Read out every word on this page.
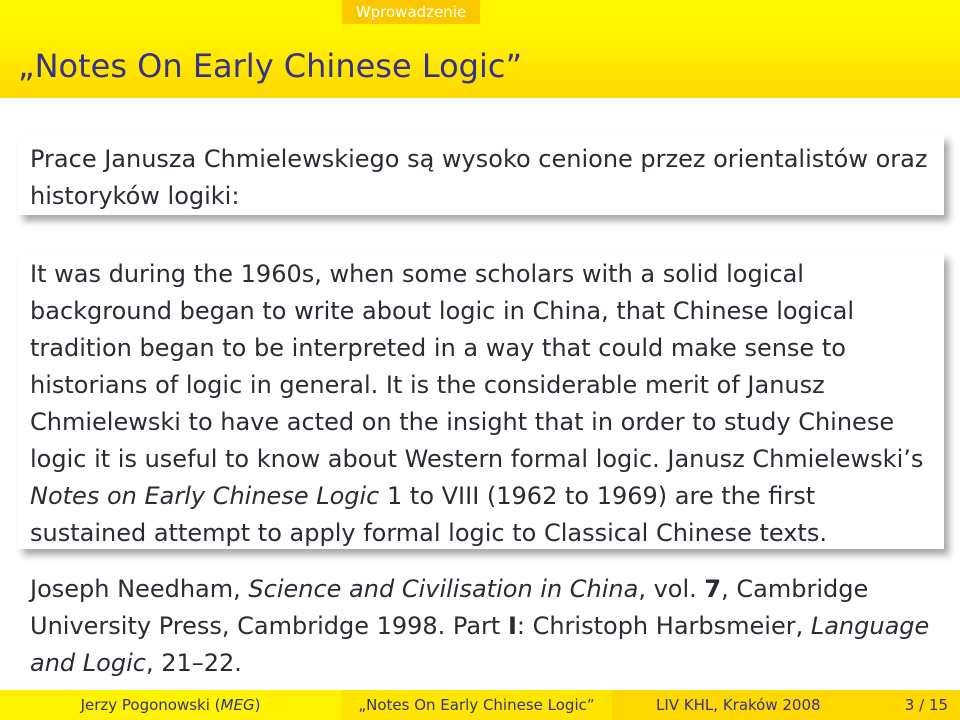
Wprowadzenie
„Notes On Early Chinese Logic”
Prace Janusza Chmielewskiego są wysoko cenione przez orientalistów oraz
historyków logiki:
It was during the 1960s, when some scholars with a solid logical
background began to write about logic in China, that Chinese logical
tradition began to be interpreted in a way that could make sense to
historians of logic in general. It is the considerable merit of Janusz
Chmielewski to have acted on the insight that in order to study Chinese
logic it is useful to know about Western formal logic. Janusz Chmielewski’s
Notes on Early Chinese Logic 1 to VIII (1962 to 1969) are the first
sustained attempt to apply formal logic to Classical Chinese texts.
Joseph Needham, Science and Civilisation in China, vol. 7, Cambridge
University Press, Cambridge 1998. Part I: Christoph Harbsmeier, Language
and Logic, 21–22.
Jerzy Pogonowski (MEG)	„Notes On Early Chinese Logic”	LIV KHL, Kraków 2008	3 / 15
